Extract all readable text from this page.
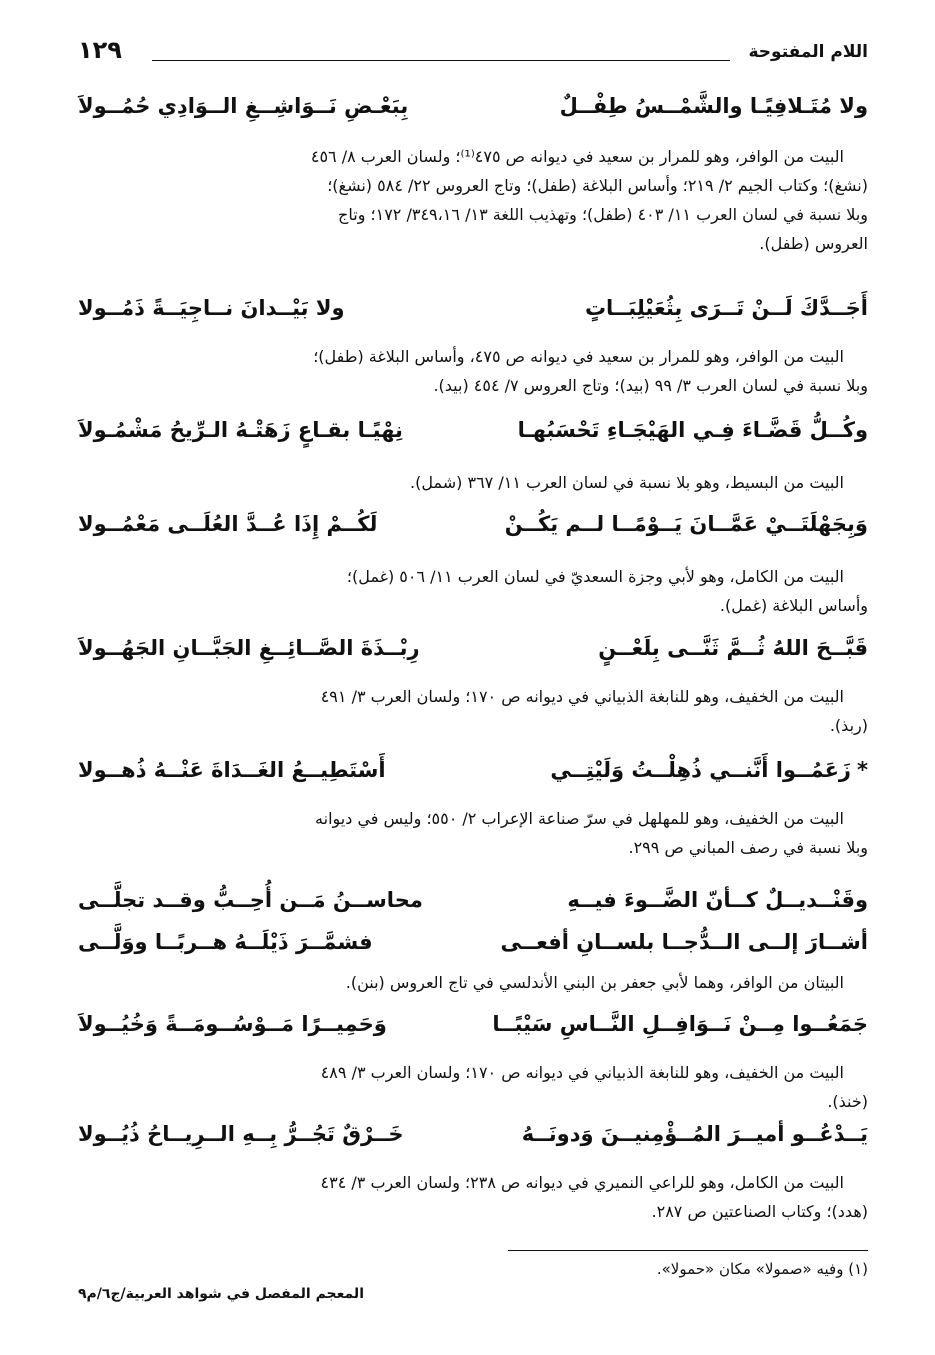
اللام المفتوحة
١٢٩
ولا مُتَـلافِيًـا والشَّمْــسُ طِفْــلٌ
بِبَعْـضِ نَــوَاشِــغِ الــوَادِي حُمُــولاَ
البيت من الوافر، وهو للمرار بن سعيد في ديوانه ص ٤٧٥⁽¹⁾؛ ولسان العرب ٨/ ٤٥٦
(نشغ)؛ وكتاب الجيم ٢/ ٢١٩؛ وأساس البلاغة (طفل)؛ وتاج العروس ٢٢/ ٥٨٤ (نشغ)؛
وبلا نسبة في لسان العرب ١١/ ٤٠٣ (طفل)؛ وتهذيب اللغة ١٣/ ٣٤٩،١٦/ ١٧٢؛ وتاج
العروس (طفل).
أَجَــدَّكَ لَــنْ تَــرَى بِثُعَيْلِبَــاتٍ
ولا بَيْــدانَ نــاجِيَــةً ذَمُــولا
البيت من الوافر، وهو للمرار بن سعيد في ديوانه ص ٤٧٥، وأساس البلاغة (طفل)؛
وبلا نسبة في لسان العرب ٣/ ٩٩ (بيد)؛ وتاج العروس ٧/ ٤٥٤ (بيد).
وكُــلُّ قَضَّـاءَ فِـي الهَيْجَـاءِ تَحْسَبُهـا
نِهْيًـا بقـاعٍ زَهَتْـهُ الـرِّيحُ مَشْمُـولاَ
البيت من البسيط، وهو بلا نسبة في لسان العرب ١١/ ٣٦٧ (شمل).
وَبِجَهْلَتَــيْ عَمَّــانَ يَــوْمًــا لــم يَكُــنْ
لَكُــمْ إِذَا عُــدَّ العُلَــى مَعْمُــولا
البيت من الكامل، وهو لأبي وجزة السعديّ في لسان العرب ١١/ ٥٠٦ (غمل)؛
وأساس البلاغة (غمل).
قَبَّــحَ اللهُ ثُــمَّ ثَنَّــى بِلَعْــنٍ
رِبْــذَةَ الصَّــائِــغِ الجَبَّــانِ الجَهُــولاَ
البيت من الخفيف، وهو للنابغة الذبياني في ديوانه ص ١٧٠؛ ولسان العرب ٣/ ٤٩١
(ربذ).
*زَعَمُــوا أَنَّنــي ذُهِلْــتُ وَلَيْتِــي
أَسْتَطِيــعُ الغَــدَاةَ عَنْــهُ ذُهــولا
البيت من الخفيف، وهو للمهلهل في سرّ صناعة الإعراب ٢/ ٥٥٠؛ وليس في ديوانه
وبلا نسبة في رصف المباني ص ٢٩٩.
وقَنْــديــلٌ كــأنّ الضَّــوءَ فيــهِ
محاســنُ مَــن أُحِــبُّ وقــد تجلَّــى
أشــارَ إلــى الــدُّجــا بلســانِ أفعــى
فشمَّــرَ ذَيْلَــهُ هــربًــا ووَلَّــى
البيتان من الوافر، وهما لأبي جعفر بن البني الأندلسي في تاج العروس (بنن).
جَمَعُــوا مِــنْ نَــوَافِــلِ النَّــاسِ سَيْبًــا
وَحَمِيــرًا مَــوْسُــومَــةً وَخُيُــولاَ
البيت من الخفيف، وهو للنابغة الذبياني في ديوانه ص ١٧٠؛ ولسان العرب ٣/ ٤٨٩
(خنذ).
يَــدْعُــو أميــرَ المُــؤْمِنيــنَ وَدونَــهُ
خَــرْقٌ تَجُــرُّ بِــهِ الــرِيــاحُ ذُيُــولا
البيت من الكامل، وهو للراعي النميري في ديوانه ص ٢٣٨؛ ولسان العرب ٣/ ٤٣٤
(هدد)؛ وكتاب الصناعتين ص ٢٨٧.
(١) وفيه «صمولا» مكان «حمولا».
المعجم المفصل في شواهد العربية/ج٦/م٩
